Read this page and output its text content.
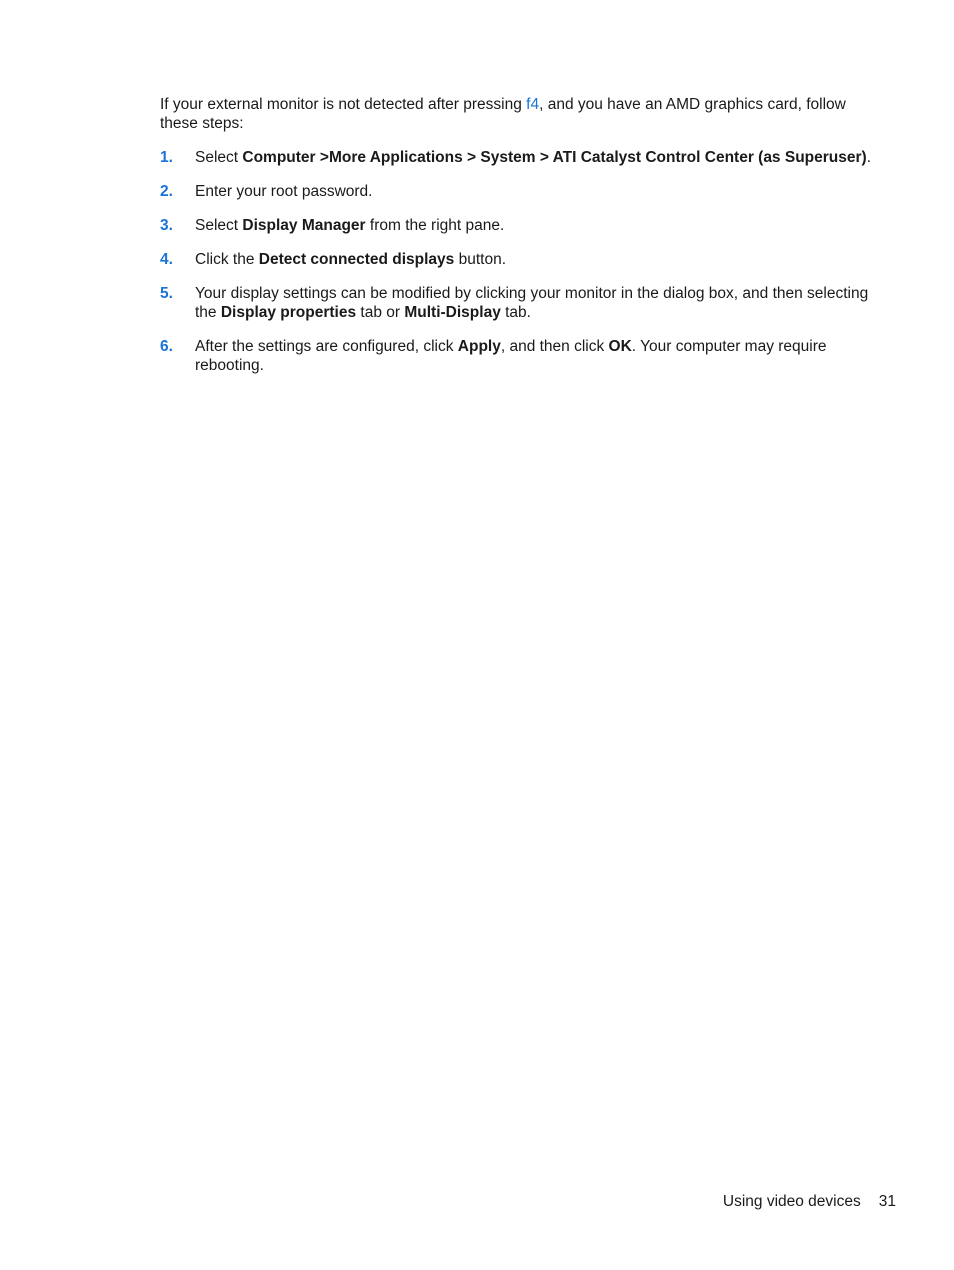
If your external monitor is not detected after pressing f4, and you have an AMD graphics card, follow these steps:

1. Select Computer >More Applications > System > ATI Catalyst Control Center (as Superuser).
2. Enter your root password.
3. Select Display Manager from the right pane.
4. Click the Detect connected displays button.
5. Your display settings can be modified by clicking your monitor in the dialog box, and then selecting the Display properties tab or Multi-Display tab.
6. After the settings are configured, click Apply, and then click OK. Your computer may require rebooting.
Using video devices 31
